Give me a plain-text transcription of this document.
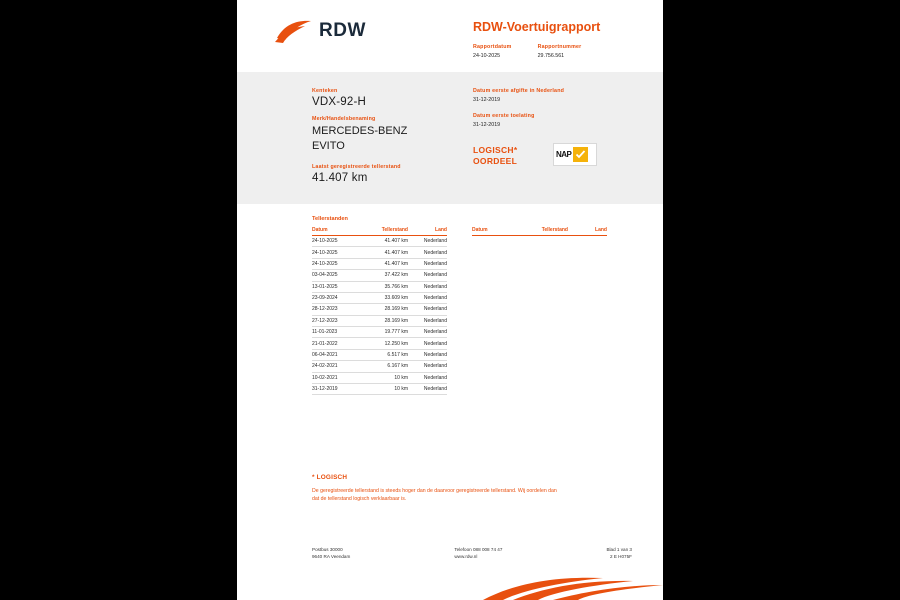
RDW	RDW-Voertuigrapport
Rapportdatum
24-10-2025
Rapportnummer
29.756.561
Kenteken
VDX-92-H
Merk/Handelsbenaming
MERCEDES-BENZ
EVITO
Laatst geregistreerde tellerstand
41.407 km
Datum eerste afgifte in Nederland
31-12-2019
Datum eerste toelating
31-12-2019
LOGISCH*
OORDEEL
NAP
Tellerstanden
Datum	Tellerstand	Land
24-10-2025	41.407 km	Nederland
24-10-2025	41.407 km	Nederland
24-10-2025	41.407 km	Nederland
03-04-2025	37.422 km	Nederland
13-01-2025	35.766 km	Nederland
23-09-2024	33.609 km	Nederland
28-12-2023	28.169 km	Nederland
27-12-2023	28.169 km	Nederland
11-01-2023	19.777 km	Nederland
21-01-2022	12.250 km	Nederland
06-04-2021	6.517 km	Nederland
24-02-2021	6.167 km	Nederland
10-02-2021	10 km	Nederland
31-12-2019	10 km	Nederland
Datum	Tellerstand	Land
* LOGISCH
De geregistreerde tellerstand is steeds hoger dan de daarvoor geregistreerde tellerstand. Wij oordelen dan
dat de tellerstand logisch verklaarbaar is.
Postbus 30000
9640 RA Veendam
Telefoon 088 008 74 47
www.rdw.nl
Blad 1 van 3
2 E H075F
